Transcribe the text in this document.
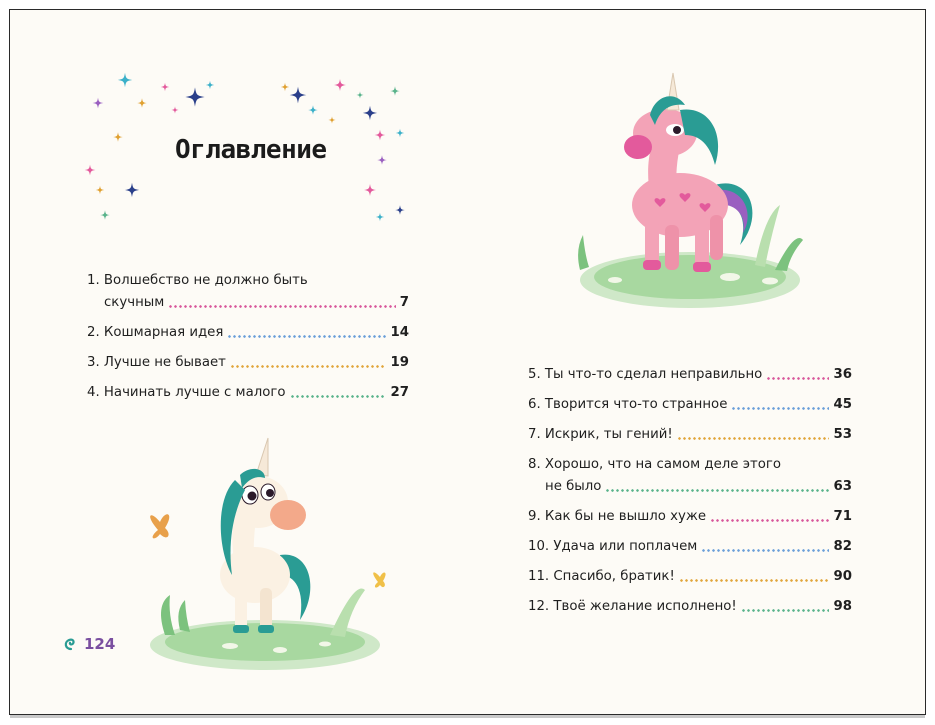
Оглавление
1.
Волшебство не должно быть
скучным	7
2.
Кошмарная идея	14
3.
Лучше не бывает	19
4.
Начинать лучше с малого	27
5.
Ты что-то сделал неправильно	36
6.
Творится что-то странное	45
7.
Искрик, ты гений!	53
8.
Хорошо, что на самом деле этого
не было	63
9.
Как бы не вышло хуже	71
10.
Удача или поплачем	82
11.
Спасибо, братик!	90
12.
Твоё желание исполнено!	98
124
